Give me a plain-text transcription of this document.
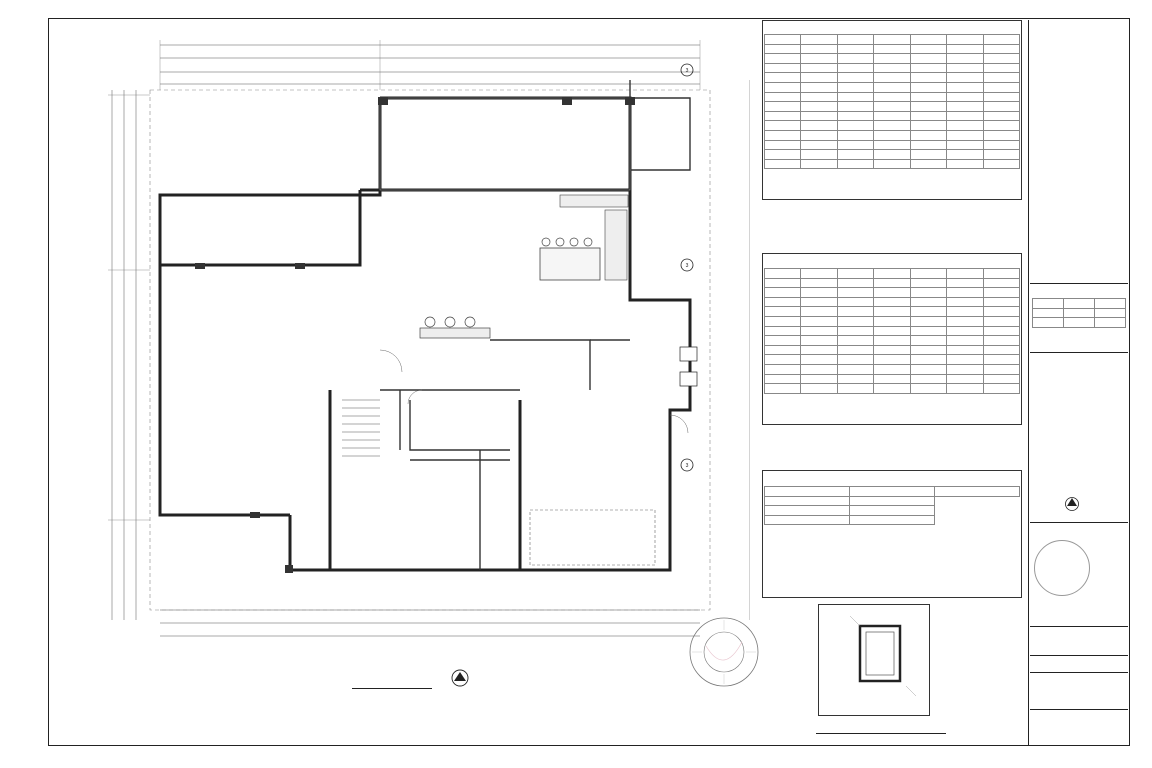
3
3
3
